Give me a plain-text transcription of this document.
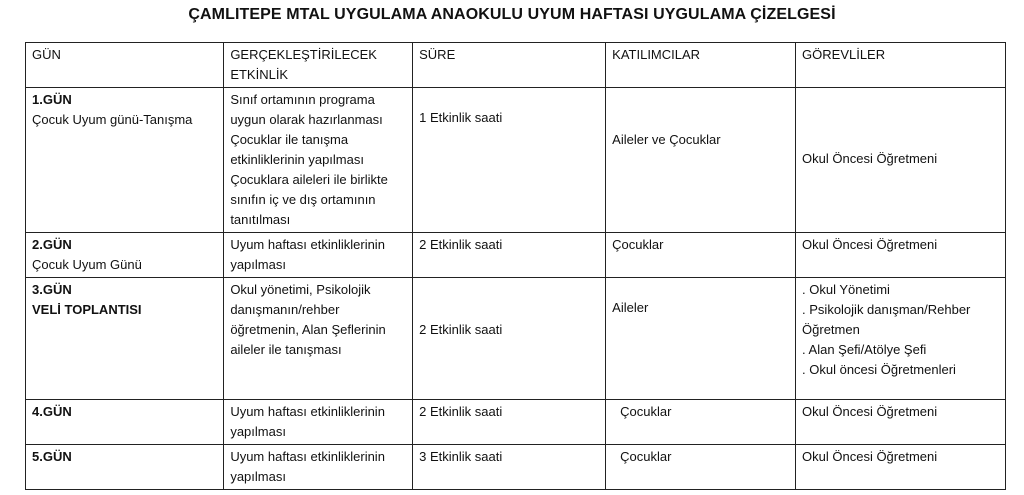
ÇAMLITEPE MTAL UYGULAMA ANAOKULU UYUM HAFTASI UYGULAMA ÇİZELGESİ
GÜN	GERÇEKLEŞTİRİLECEK ETKİNLİK	SÜRE	KATILIMCILAR	GÖREVLİLER

1.GÜN
Çocuk Uyum günü-Tanışma	Sınıf ortamının programa uygun olarak hazırlanması Çocuklar ile tanışma etkinliklerinin yapılması Çocuklara aileleri ile birlikte sınıfın iç ve dış ortamının tanıtılması	1 Etkinlik saati	Aileler ve Çocuklar	Okul Öncesi Öğretmeni

2.GÜN
Çocuk Uyum Günü	Uyum haftası etkinliklerinin yapılması	2 Etkinlik saati	Çocuklar	Okul Öncesi Öğretmeni

3.GÜN
VELİ TOPLANTISI	Okul yönetimi, Psikolojik danışmanın/rehber öğretmenin, Alan Şeflerinin aileler ile tanışması	2 Etkinlik saati	Aileler	. Okul Yönetimi
. Psikolojik danışman/Rehber Öğretmen
. Alan Şefi/Atölye Şefi
. Okul öncesi Öğretmenleri

4.GÜN	Uyum haftası etkinliklerinin yapılması	2 Etkinlik saati	Çocuklar	Okul Öncesi Öğretmeni

5.GÜN	Uyum haftası etkinliklerinin yapılması	3 Etkinlik saati	Çocuklar	Okul Öncesi Öğretmeni
